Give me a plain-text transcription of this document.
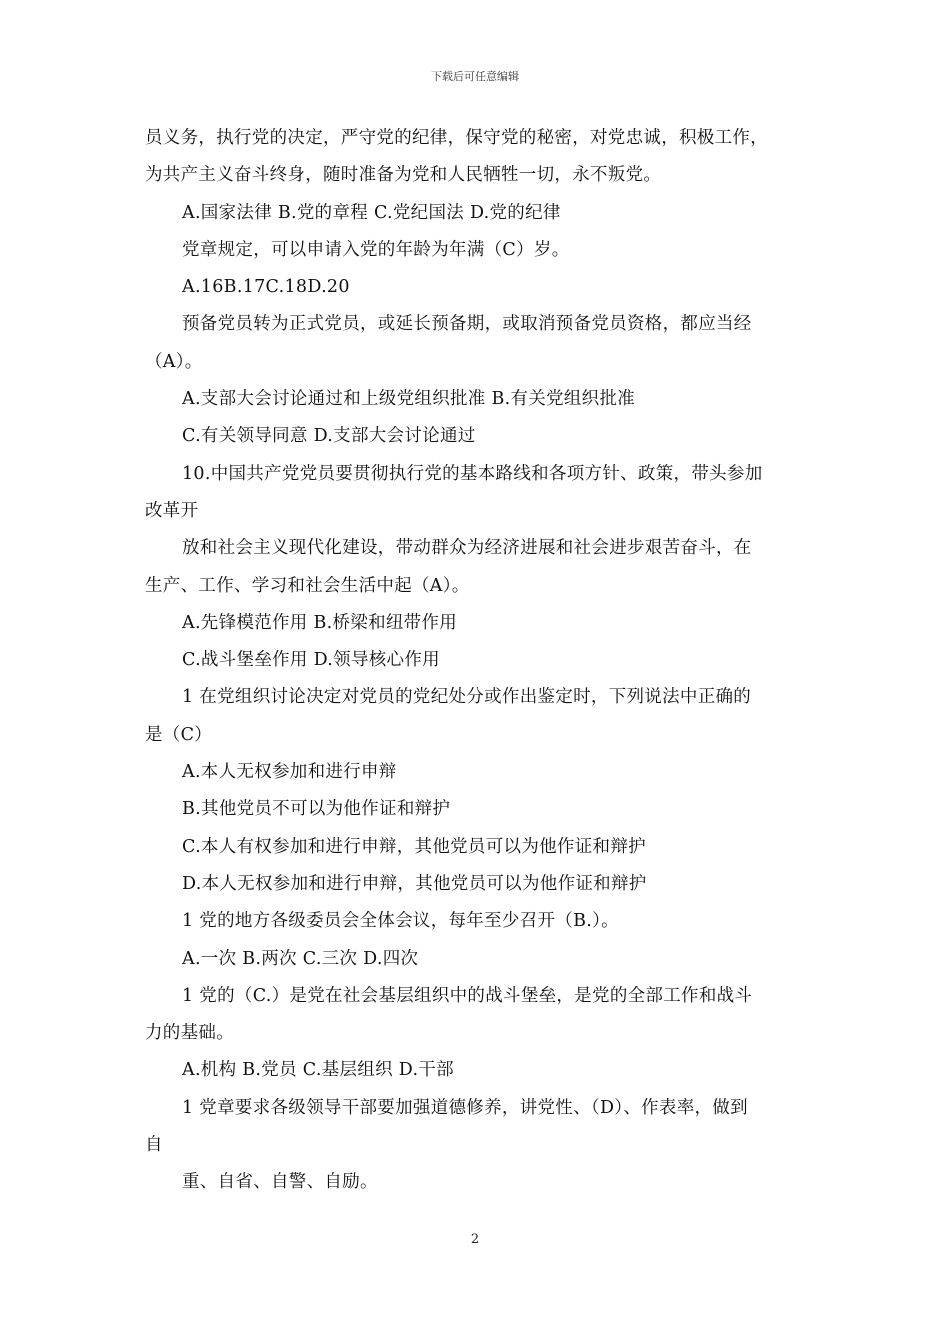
下载后可任意编辑
员义务，执行党的决定，严守党的纪律，保守党的秘密，对党忠诚，积极工作，
为共产主义奋斗终身，随时准备为党和人民牺牲一切，永不叛党。
A.国家法律 B.党的章程 C.党纪国法 D.党的纪律
党章规定，可以申请入党的年龄为年满（C）岁。
A.16B.17C.18D.20
预备党员转为正式党员，或延长预备期，或取消预备党员资格，都应当经
（A）。
A.支部大会讨论通过和上级党组织批准 B.有关党组织批准
C.有关领导同意 D.支部大会讨论通过
10.中国共产党党员要贯彻执行党的基本路线和各项方针、政策，带头参加
改革开
放和社会主义现代化建设，带动群众为经济进展和社会进步艰苦奋斗，在
生产、工作、学习和社会生活中起（A）。
A.先锋模范作用 B.桥梁和纽带作用
C.战斗堡垒作用 D.领导核心作用
1 在党组织讨论决定对党员的党纪处分或作出鉴定时，下列说法中正确的
是（C）
A.本人无权参加和进行申辩
B.其他党员不可以为他作证和辩护
C.本人有权参加和进行申辩，其他党员可以为他作证和辩护
D.本人无权参加和进行申辩，其他党员可以为他作证和辩护
1 党的地方各级委员会全体会议，每年至少召开（B.）。
A.一次 B.两次 C.三次 D.四次
1 党的（C.）是党在社会基层组织中的战斗堡垒，是党的全部工作和战斗
力的基础。
A.机构 B.党员 C.基层组织 D.干部
1 党章要求各级领导干部要加强道德修养，讲党性、（D）、作表率，做到
自
重、自省、自警、自励。
2
